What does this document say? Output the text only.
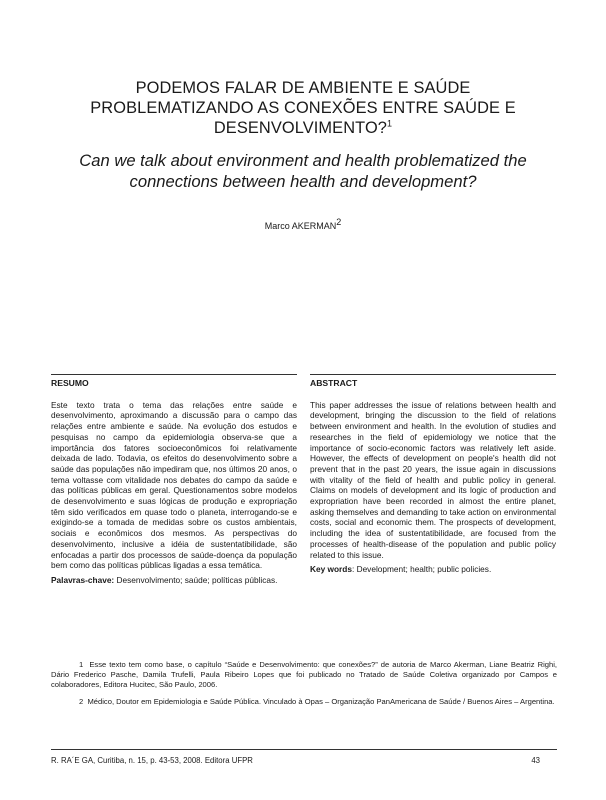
PODEMOS FALAR DE AMBIENTE E SAÚDE
PROBLEMATIZANDO AS CONEXÕES ENTRE SAÚDE E
DESENVOLVIMENTO?$^1$
Can we talk about environment and health problematized the
connections between health and development?
Marco AKERMAN$^2$
RESUMO

Este texto trata o tema das relações entre saúde e desenvolvimento, aproximando a discussão para o campo das relações entre ambiente e saúde. Na evolução dos estudos e pesquisas no campo da epidemiologia observa-se que a importância dos fatores socioeconômicos foi relativamente deixada de lado. Todavia, os efeitos do desenvolvimento sobre a saúde das populações não impediram que, nos últimos 20 anos, o tema voltasse com vitalidade nos debates do campo da saúde e das políticas públicas em geral. Questionamentos sobre modelos de desenvolvimento e suas lógicas de produção e expropriação têm sido verificados em quase todo o planeta, interrogando-se e exigindo-se a tomada de medidas sobre os custos ambientais, sociais e econômicos dos mesmos. As perspectivas do desenvolvimento, inclusive a idéia de sustentatibilidade, são enfocadas a partir dos processos de saúde-doença da população bem como das políticas públicas ligadas a essa temática.

Palavras-chave: Desenvolvimento; saúde; políticas públicas.

ABSTRACT

This paper addresses the issue of relations between health and development, bringing the discussion to the field of relations between environment and health. In the evolution of studies and researches in the field of epidemiology we notice that the importance of socio-economic factors was relatively left aside. However, the effects of development on people's health did not prevent that in the past 20 years, the issue again in discussions with vitality of the field of health and public policy in general. Claims on models of development and its logic of production and expropriation have been recorded in almost the entire planet, asking themselves and demanding to take action on environmental costs, social and economic them. The prospects of development, including the idea of sustentatibilidade, are focused from the processes of health-disease of the population and public policy related to this issue.

Key words: Development; health; public policies.

1 Esse texto tem como base, o capítulo “Saúde e Desenvolvimento: que conexões?” de autoria de Marco Akerman, Liane Beatriz Righi, Dário Frederico Pasche, Damila Trufelli, Paula Ribeiro Lopes que foi publicado no Tratado de Saúde Coletiva organizado por Campos e colaboradores, Editora Hucitec, São Paulo, 2006.

2 Médico, Doutor em Epidemiologia e Saúde Pública. Vinculado à Opas – Organização PanAmericana de Saúde / Buenos Aires – Argentina.

R. RA´E GA, Curitiba, n. 15, p. 43-53, 2008. Editora UFPR	43
